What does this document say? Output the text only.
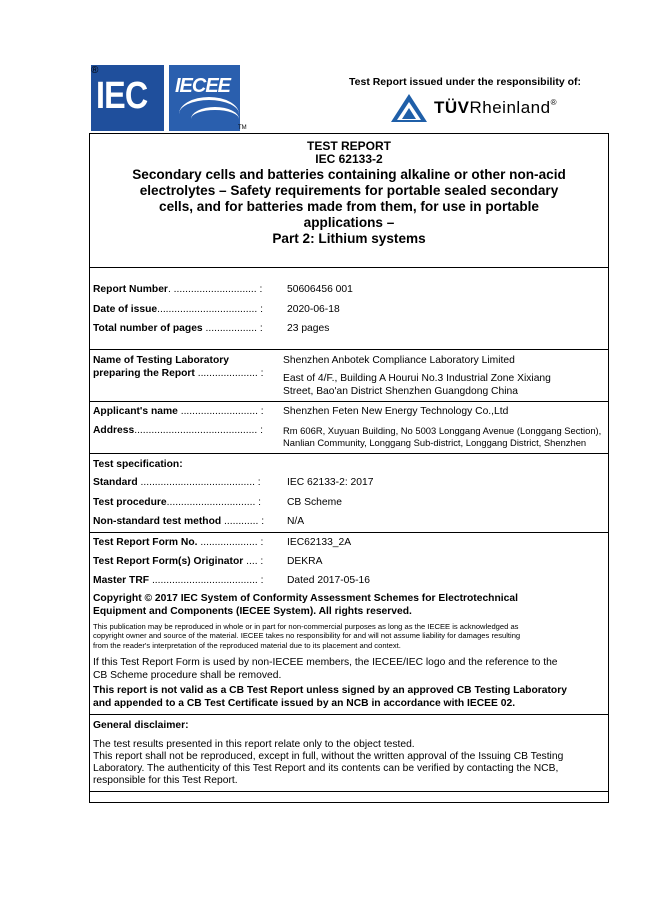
IEC
®
IECEE
TM
Test Report issued under the responsibility of:
TÜVRheinland®
TEST REPORT
IEC 62133-2
Secondary cells and batteries containing alkaline or other non-acid
electrolytes – Safety requirements for portable sealed secondary
cells, and for batteries made from them, for use in portable
applications –
Part 2: Lithium systems
Report Number. ............................. : 50606456 001
Date of issue................................... : 2020-06-18
Total number of pages .................. : 23 pages
Name of Testing Laboratory
preparing the Report ..................... :
Shenzhen Anbotek Compliance Laboratory Limited
East of 4/F., Building A Hourui No.3 Industrial Zone Xixiang
Street, Bao'an District Shenzhen Guangdong China
Applicant's name ........................... : Shenzhen Feten New Energy Technology Co.,Ltd
Address........................................... : Rm 606R, Xuyuan Building, No 5003 Longgang Avenue (Longgang Section),
Nanlian Community, Longgang Sub-district, Longgang District, Shenzhen
Test specification:
Standard ........................................ :	IEC 62133-2: 2017
Test procedure............................... :	CB Scheme
Non-standard test method ............ : N/A
Test Report Form No. .................... : IEC62133_2A
Test Report Form(s) Originator .... : DEKRA
Master TRF ..................................... : Dated 2017-05-16
Copyright © 2017 IEC System of Conformity Assessment Schemes for Electrotechnical
Equipment and Components (IECEE System). All rights reserved.
This publication may be reproduced in whole or in part for non-commercial purposes as long as the IECEE is acknowledged as
copyright owner and source of the material. IECEE takes no responsibility for and will not assume liability for damages resulting
from the reader's interpretation of the reproduced material due to its placement and context.
If this Test Report Form is used by non-IECEE members, the IECEE/IEC logo and the reference to the
CB Scheme procedure shall be removed.
This report is not valid as a CB Test Report unless signed by an approved CB Testing Laboratory
and appended to a CB Test Certificate issued by an NCB in accordance with IECEE 02.
General disclaimer:
The test results presented in this report relate only to the object tested.
This report shall not be reproduced, except in full, without the written approval of the Issuing CB Testing
Laboratory. The authenticity of this Test Report and its contents can be verified by contacting the NCB,
responsible for this Test Report.
